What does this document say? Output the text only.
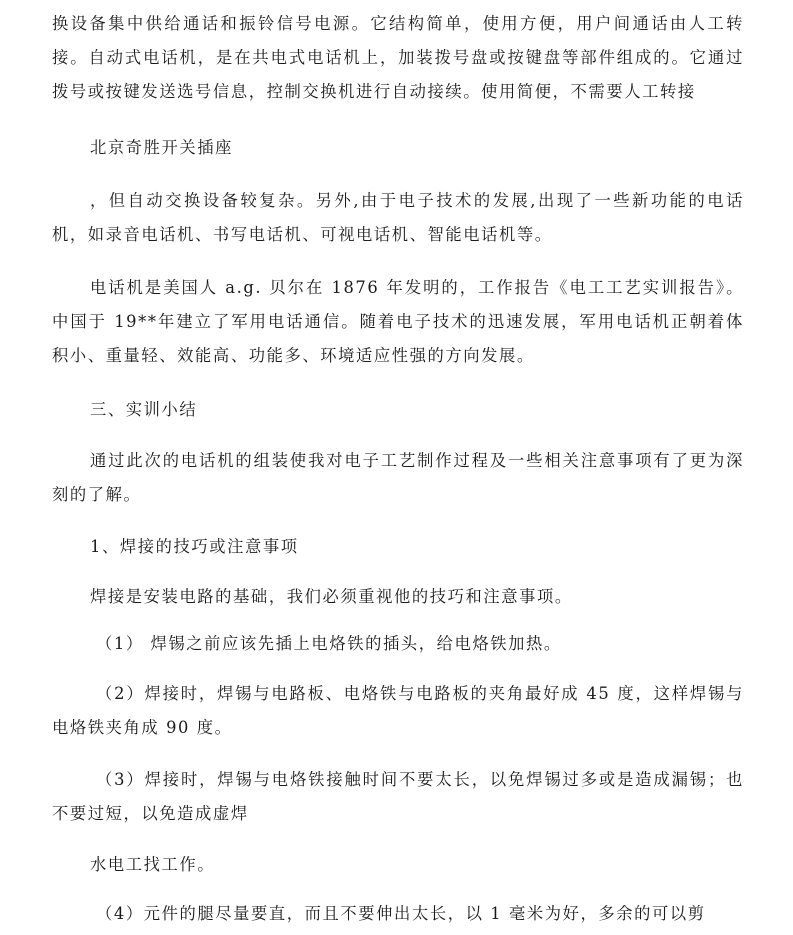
换设备集中供给通话和振铃信号电源。它结构简单，使用方便，用户间通话由人工转接。自动式电话机，是在共电式电话机上，加装拨号盘或按键盘等部件组成的。它通过拨号或按键发送选号信息，控制交换机进行自动接续。使用简便，不需要人工转接

北京奇胜开关插座

，但自动交换设备较复杂。另外,由于电子技术的发展,出现了一些新功能的电话机，如录音电话机、书写电话机、可视电话机、智能电话机等。

电话机是美国人 a.g. 贝尔在 1876 年发明的，工作报告《电工工艺实训报告》。中国于 19**年建立了军用电话通信。随着电子技术的迅速发展，军用电话机正朝着体积小、重量轻、效能高、功能多、环境适应性强的方向发展。

三、实训小结

通过此次的电话机的组装使我对电子工艺制作过程及一些相关注意事项有了更为深刻的了解。

1、焊接的技巧或注意事项

焊接是安装电路的基础，我们必须重视他的技巧和注意事项。

（1） 焊锡之前应该先插上电烙铁的插头，给电烙铁加热。

（2）焊接时，焊锡与电路板、电烙铁与电路板的夹角最好成 45 度，这样焊锡与电烙铁夹角成 90 度。

（3）焊接时，焊锡与电烙铁接触时间不要太长，以免焊锡过多或是造成漏锡；也不要过短，以免造成虚焊

水电工找工作。

（4）元件的腿尽量要直，而且不要伸出太长，以 1 毫米为好，多余的可以剪
